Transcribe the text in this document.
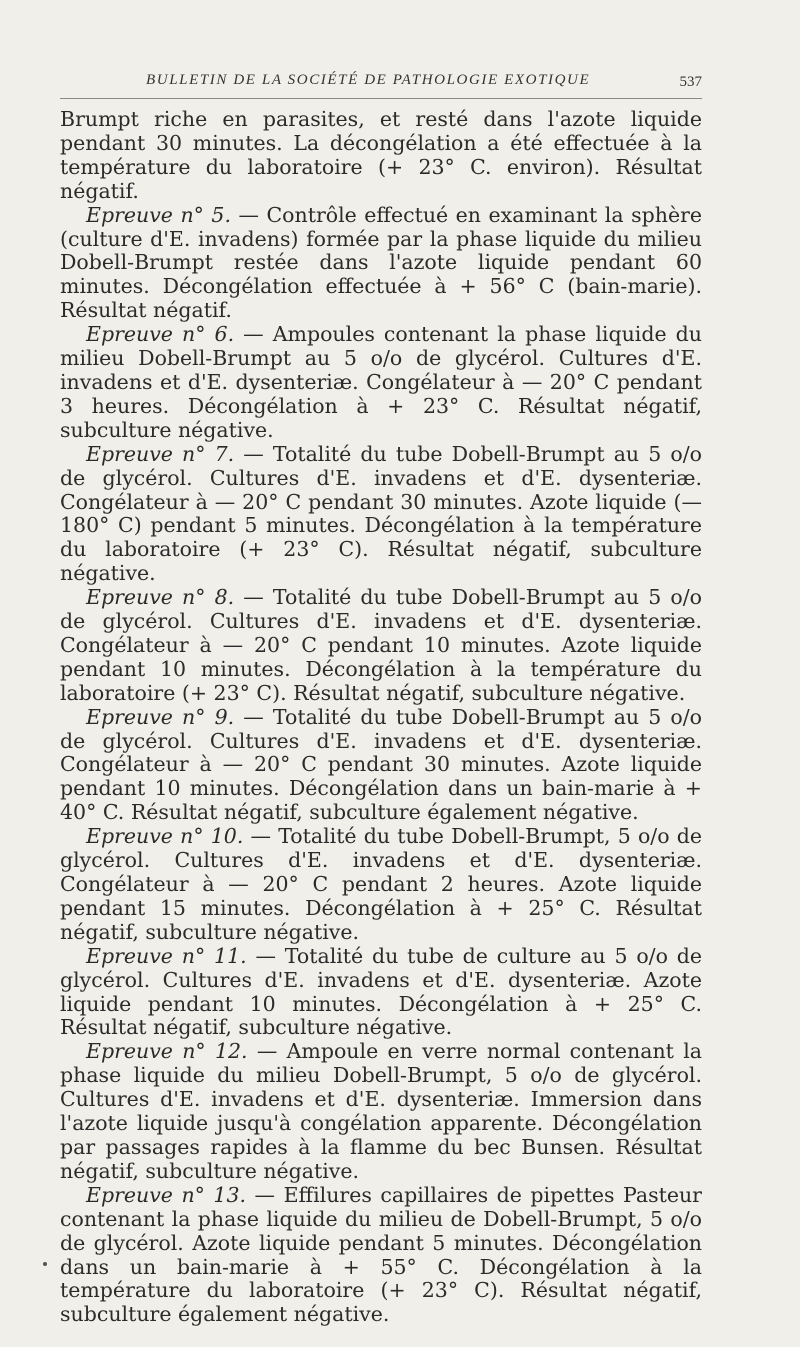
BULLETIN DE LA SOCIÉTÉ DE PATHOLOGIE EXOTIQUE	537

Brumpt riche en parasites, et resté dans l'azote liquide pendant 30 minutes. La décongélation a été effectuée à la température du laboratoire (+ 23° C. environ). Résultat négatif.

Epreuve n° 5. — Contrôle effectué en examinant la sphère (culture d'E. invadens) formée par la phase liquide du milieu Dobell-Brumpt restée dans l'azote liquide pendant 60 minutes. Décongélation effectuée à + 56° C (bain-marie). Résultat négatif.

Epreuve n° 6. — Ampoules contenant la phase liquide du milieu Dobell-Brumpt au 5 o/o de glycérol. Cultures d'E. invadens et d'E. dysenteriæ. Congélateur à — 20° C pendant 3 heures. Décongélation à + 23° C. Résultat négatif, subculture négative.

Epreuve n° 7. — Totalité du tube Dobell-Brumpt au 5 o/o de glycérol. Cultures d'E. invadens et d'E. dysenteriæ. Congélateur à — 20° C pendant 30 minutes. Azote liquide (— 180° C) pendant 5 minutes. Décongélation à la température du laboratoire (+ 23° C). Résultat négatif, subculture négative.

Epreuve n° 8. — Totalité du tube Dobell-Brumpt au 5 o/o de glycérol. Cultures d'E. invadens et d'E. dysenteriæ. Congélateur à — 20° C pendant 10 minutes. Azote liquide pendant 10 minutes. Décongélation à la température du laboratoire (+ 23° C). Résultat négatif, subculture négative.

Epreuve n° 9. — Totalité du tube Dobell-Brumpt au 5 o/o de glycérol. Cultures d'E. invadens et d'E. dysenteriæ. Congélateur à — 20° C pendant 30 minutes. Azote liquide pendant 10 minutes. Décongélation dans un bain-marie à + 40° C. Résultat négatif, subculture également négative.

Epreuve n° 10. — Totalité du tube Dobell-Brumpt, 5 o/o de glycérol. Cultures d'E. invadens et d'E. dysenteriæ. Congélateur à — 20° C pendant 2 heures. Azote liquide pendant 15 minutes. Décongélation à + 25° C. Résultat négatif, subculture négative.

Epreuve n° 11. — Totalité du tube de culture au 5 o/o de glycérol. Cultures d'E. invadens et d'E. dysenteriæ. Azote liquide pendant 10 minutes. Décongélation à + 25° C. Résultat négatif, subculture négative.

Epreuve n° 12. — Ampoule en verre normal contenant la phase liquide du milieu Dobell-Brumpt, 5 o/o de glycérol. Cultures d'E. invadens et d'E. dysenteriæ. Immersion dans l'azote liquide jusqu'à congélation apparente. Décongélation par passages rapides à la flamme du bec Bunsen. Résultat négatif, subculture négative.

Epreuve n° 13. — Effilures capillaires de pipettes Pasteur contenant la phase liquide du milieu de Dobell-Brumpt, 5 o/o de glycérol. Azote liquide pendant 5 minutes. Décongélation dans un bain-marie à + 55° C. Décongélation à la température du laboratoire (+ 23° C). Résultat négatif, subculture également négative.
